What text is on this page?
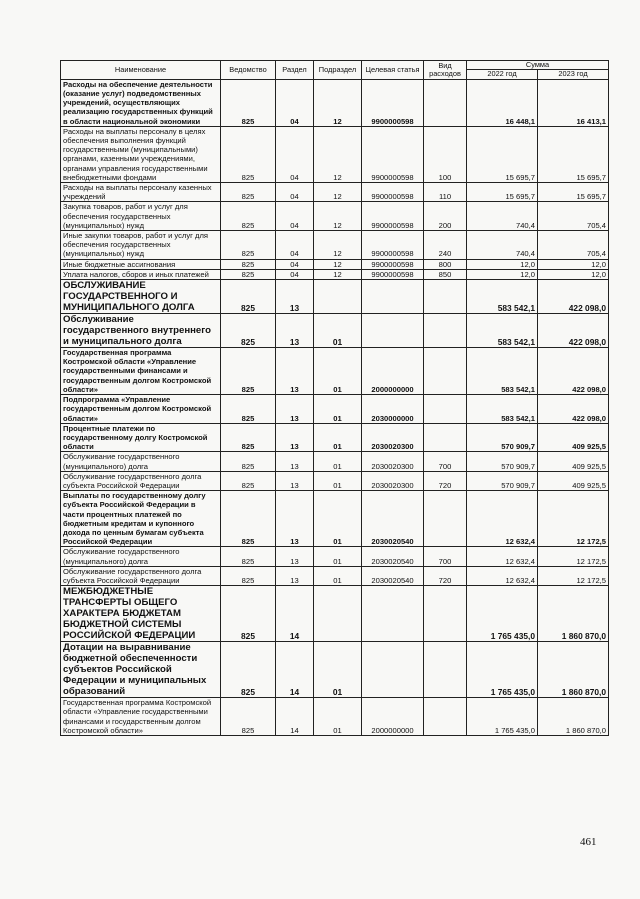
Наименование	Ведомство	Раздел	Подраздел	Целевая статья	Вид расходов	Сумма	
						2022 год	2023 год
Расходы на обеспечение деятельности (оказание услуг) подведомственных учреждений, осуществляющих реализацию государственных функций в области национальной экономики	825	04	12	9900000598		16 448,1	16 413,1
Расходы на выплаты персоналу в целях обеспечения выполнения функций государственными (муниципальными) органами, казенными учреждениями, органами управления государственными внебюджетными фондами	825	04	12	9900000598	100	15 695,7	15 695,7
Расходы на выплаты персоналу казенных учреждений	825	04	12	9900000598	110	15 695,7	15 695,7
Закупка товаров, работ и услуг для обеспечения государственных (муниципальных) нужд	825	04	12	9900000598	200	740,4	705,4
Иные закупки товаров, работ и услуг для обеспечения государственных (муниципальных) нужд	825	04	12	9900000598	240	740,4	705,4
Иные бюджетные ассигнования	825	04	12	9900000598	800	12,0	12,0
Уплата налогов, сборов и иных платежей	825	04	12	9900000598	850	12,0	12,0
ОБСЛУЖИВАНИЕ ГОСУДАРСТВЕННОГО И МУНИЦИПАЛЬНОГО ДОЛГА	825	13				583 542,1	422 098,0
Обслуживание государственного внутреннего и муниципального долга	825	13	01			583 542,1	422 098,0
Государственная программа Костромской области «Управление государственными финансами и государственным долгом Костромской области»	825	13	01	2000000000		583 542,1	422 098,0
Подпрограмма «Управление государственным долгом Костромской области»	825	13	01	2030000000		583 542,1	422 098,0
Процентные платежи по государственному долгу Костромской области	825	13	01	2030020300		570 909,7	409 925,5
Обслуживание государственного (муниципального) долга	825	13	01	2030020300	700	570 909,7	409 925,5
Обслуживание государственного долга субъекта Российской Федерации	825	13	01	2030020300	720	570 909,7	409 925,5
Выплаты по государственному долгу субъекта Российской Федерации в части процентных платежей по бюджетным кредитам и купонного дохода по ценным бумагам субъекта Российской Федерации	825	13	01	2030020540		12 632,4	12 172,5
Обслуживание государственного (муниципального) долга	825	13	01	2030020540	700	12 632,4	12 172,5
Обслуживание государственного долга субъекта Российской Федерации	825	13	01	2030020540	720	12 632,4	12 172,5
МЕЖБЮДЖЕТНЫЕ ТРАНСФЕРТЫ ОБЩЕГО ХАРАКТЕРА БЮДЖЕТАМ БЮДЖЕТНОЙ СИСТЕМЫ РОССИЙСКОЙ ФЕДЕРАЦИИ	825	14				1 765 435,0	1 860 870,0
Дотации на выравнивание бюджетной обеспеченности субъектов Российской Федерации и муниципальных образований	825	14	01			1 765 435,0	1 860 870,0
Государственная программа Костромской области «Управление государственными финансами и государственным долгом Костромской области»	825	14	01	2000000000		1 765 435,0	1 860 870,0
461
